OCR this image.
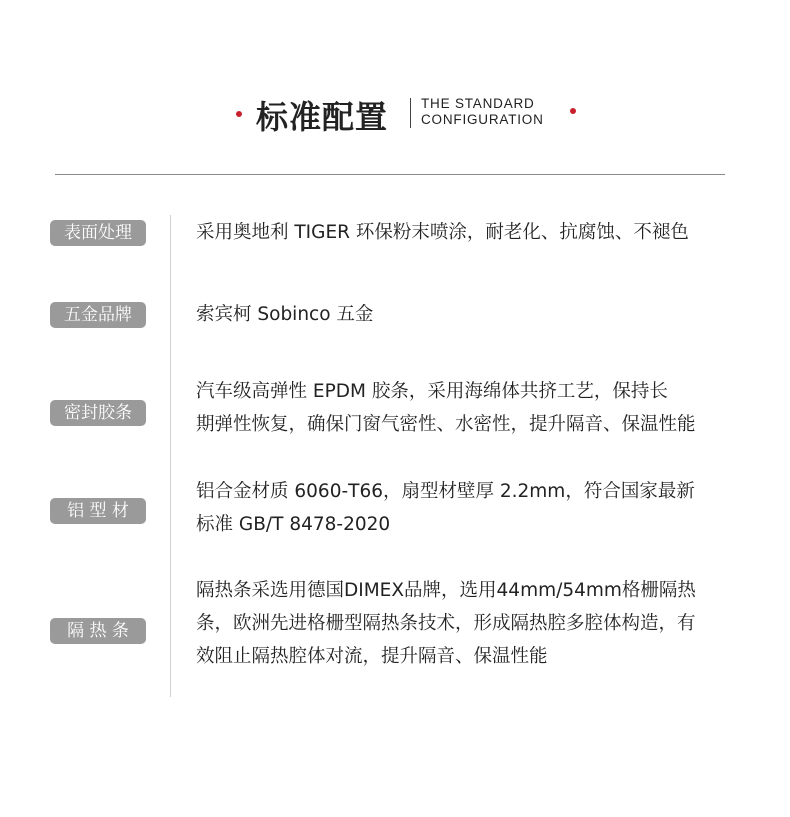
标准配置 THE STANDARD
CONFIGURATION
表面处理	采用奥地利 TIGER 环保粉末喷涂，耐老化、抗腐蚀、不褪色
五金品牌	索宾柯 Sobinco 五金
密封胶条
汽车级高弹性 EPDM 胶条，采用海绵体共挤工艺，保持长
期弹性恢复，确保门窗气密性、水密性，提升隔音、保温性能
铝 型 材
铝合金材质 6060-T66，扇型材壁厚 2.2mm，符合国家最新
标准 GB/T 8478-2020
隔 热 条
隔热条采选用德国DIMEX品牌，选用44mm/54mm格栅隔热
条，欧洲先进格栅型隔热条技术，形成隔热腔多腔体构造，有
效阻止隔热腔体对流，提升隔音、保温性能
